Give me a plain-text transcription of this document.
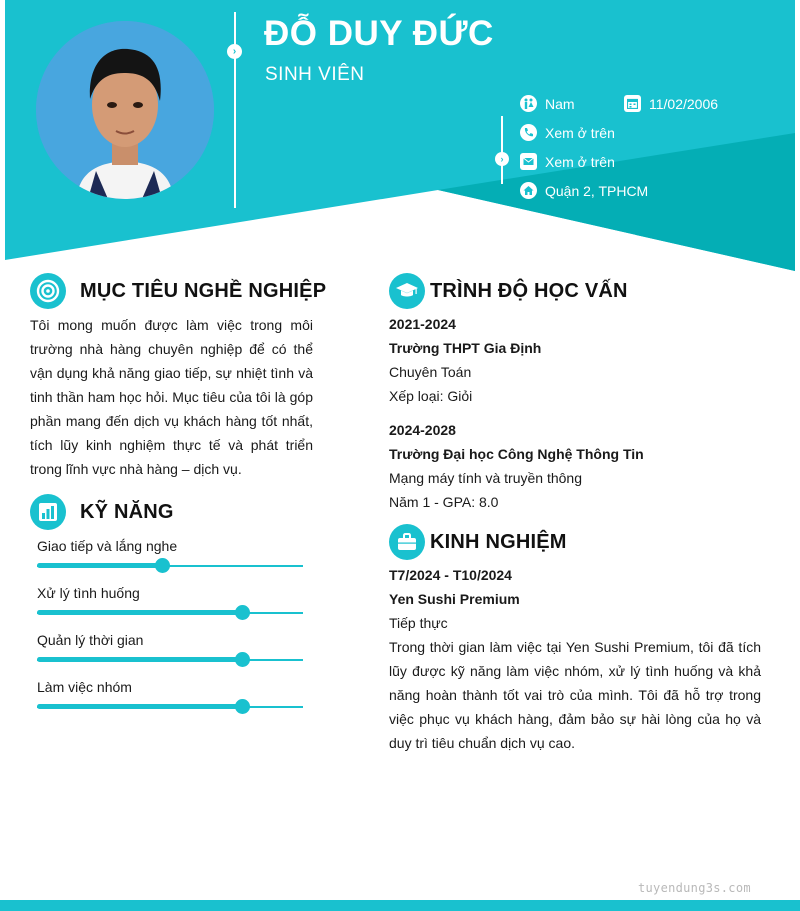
› ĐỖ DUY ĐỨC
SINH VIÊN
›
Nam	11/02/2006
Xem ở trên
Xem ở trên
Quận 2, TPHCM
MỤC TIÊU NGHỀ NGHIỆP
Tôi mong muốn được làm việc trong môi trường nhà hàng chuyên nghiệp để có thể vận dụng khả năng giao tiếp, sự nhiệt tình và tinh thần ham học hỏi. Mục tiêu của tôi là góp phần mang đến dịch vụ khách hàng tốt nhất, tích lũy kinh nghiệm thực tế và phát triển trong lĩnh vực nhà hàng – dịch vụ.
KỸ NĂNG
Giao tiếp và lắng nghe
Xử lý tình huống
Quản lý thời gian
Làm việc nhóm
TRÌNH ĐỘ HỌC VẤN
2021-2024
Trường THPT Gia Định
Chuyên Toán
Xếp loại: Giỏi
2024-2028
Trường Đại học Công Nghệ Thông Tin
Mạng máy tính và truyền thông
Năm 1 - GPA: 8.0
KINH NGHIỆM
T7/2024 - T10/2024
Yen Sushi Premium
Tiếp thực
Trong thời gian làm việc tại Yen Sushi Premium, tôi đã tích lũy được kỹ năng làm việc nhóm, xử lý tình huống và khả năng hoàn thành tốt vai trò của mình. Tôi đã hỗ trợ trong việc phục vụ khách hàng, đảm bảo sự hài lòng của họ và duy trì tiêu chuẩn dịch vụ cao.
tuyendung3s.com
